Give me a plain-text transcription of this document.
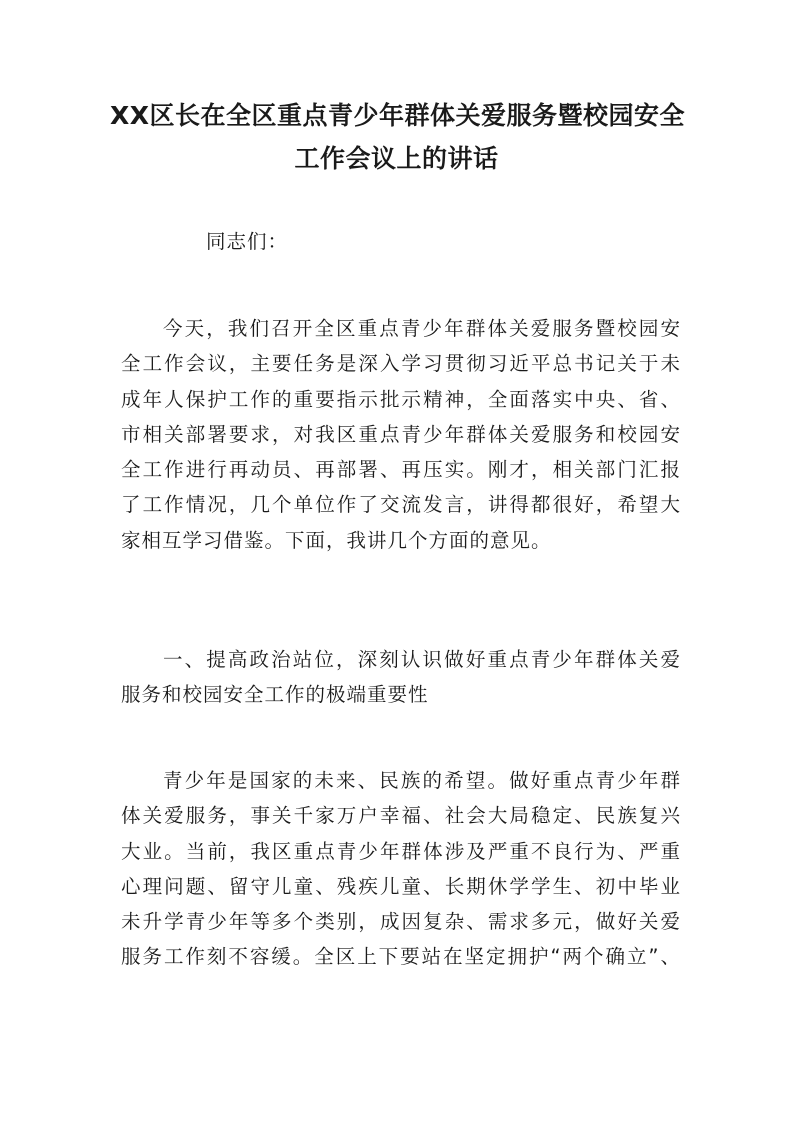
XX区长在全区重点青少年群体关爱服务暨校园安全
工作会议上的讲话
同志们：
今天，我们召开全区重点青少年群体关爱服务暨校园安
全工作会议，主要任务是深入学习贯彻习近平总书记关于未
成年人保护工作的重要指示批示精神，全面落实中央、省、
市相关部署要求，对我区重点青少年群体关爱服务和校园安
全工作进行再动员、再部署、再压实。刚才，相关部门汇报
了工作情况，几个单位作了交流发言，讲得都很好，希望大
家相互学习借鉴。下面，我讲几个方面的意见。
一、提高政治站位，深刻认识做好重点青少年群体关爱
服务和校园安全工作的极端重要性
青少年是国家的未来、民族的希望。做好重点青少年群
体关爱服务，事关千家万户幸福、社会大局稳定、民族复兴
大业。当前，我区重点青少年群体涉及严重不良行为、严重
心理问题、留守儿童、残疾儿童、长期休学学生、初中毕业
未升学青少年等多个类别，成因复杂、需求多元，做好关爱
服务工作刻不容缓。全区上下要站在坚定拥护“两个确立”、
